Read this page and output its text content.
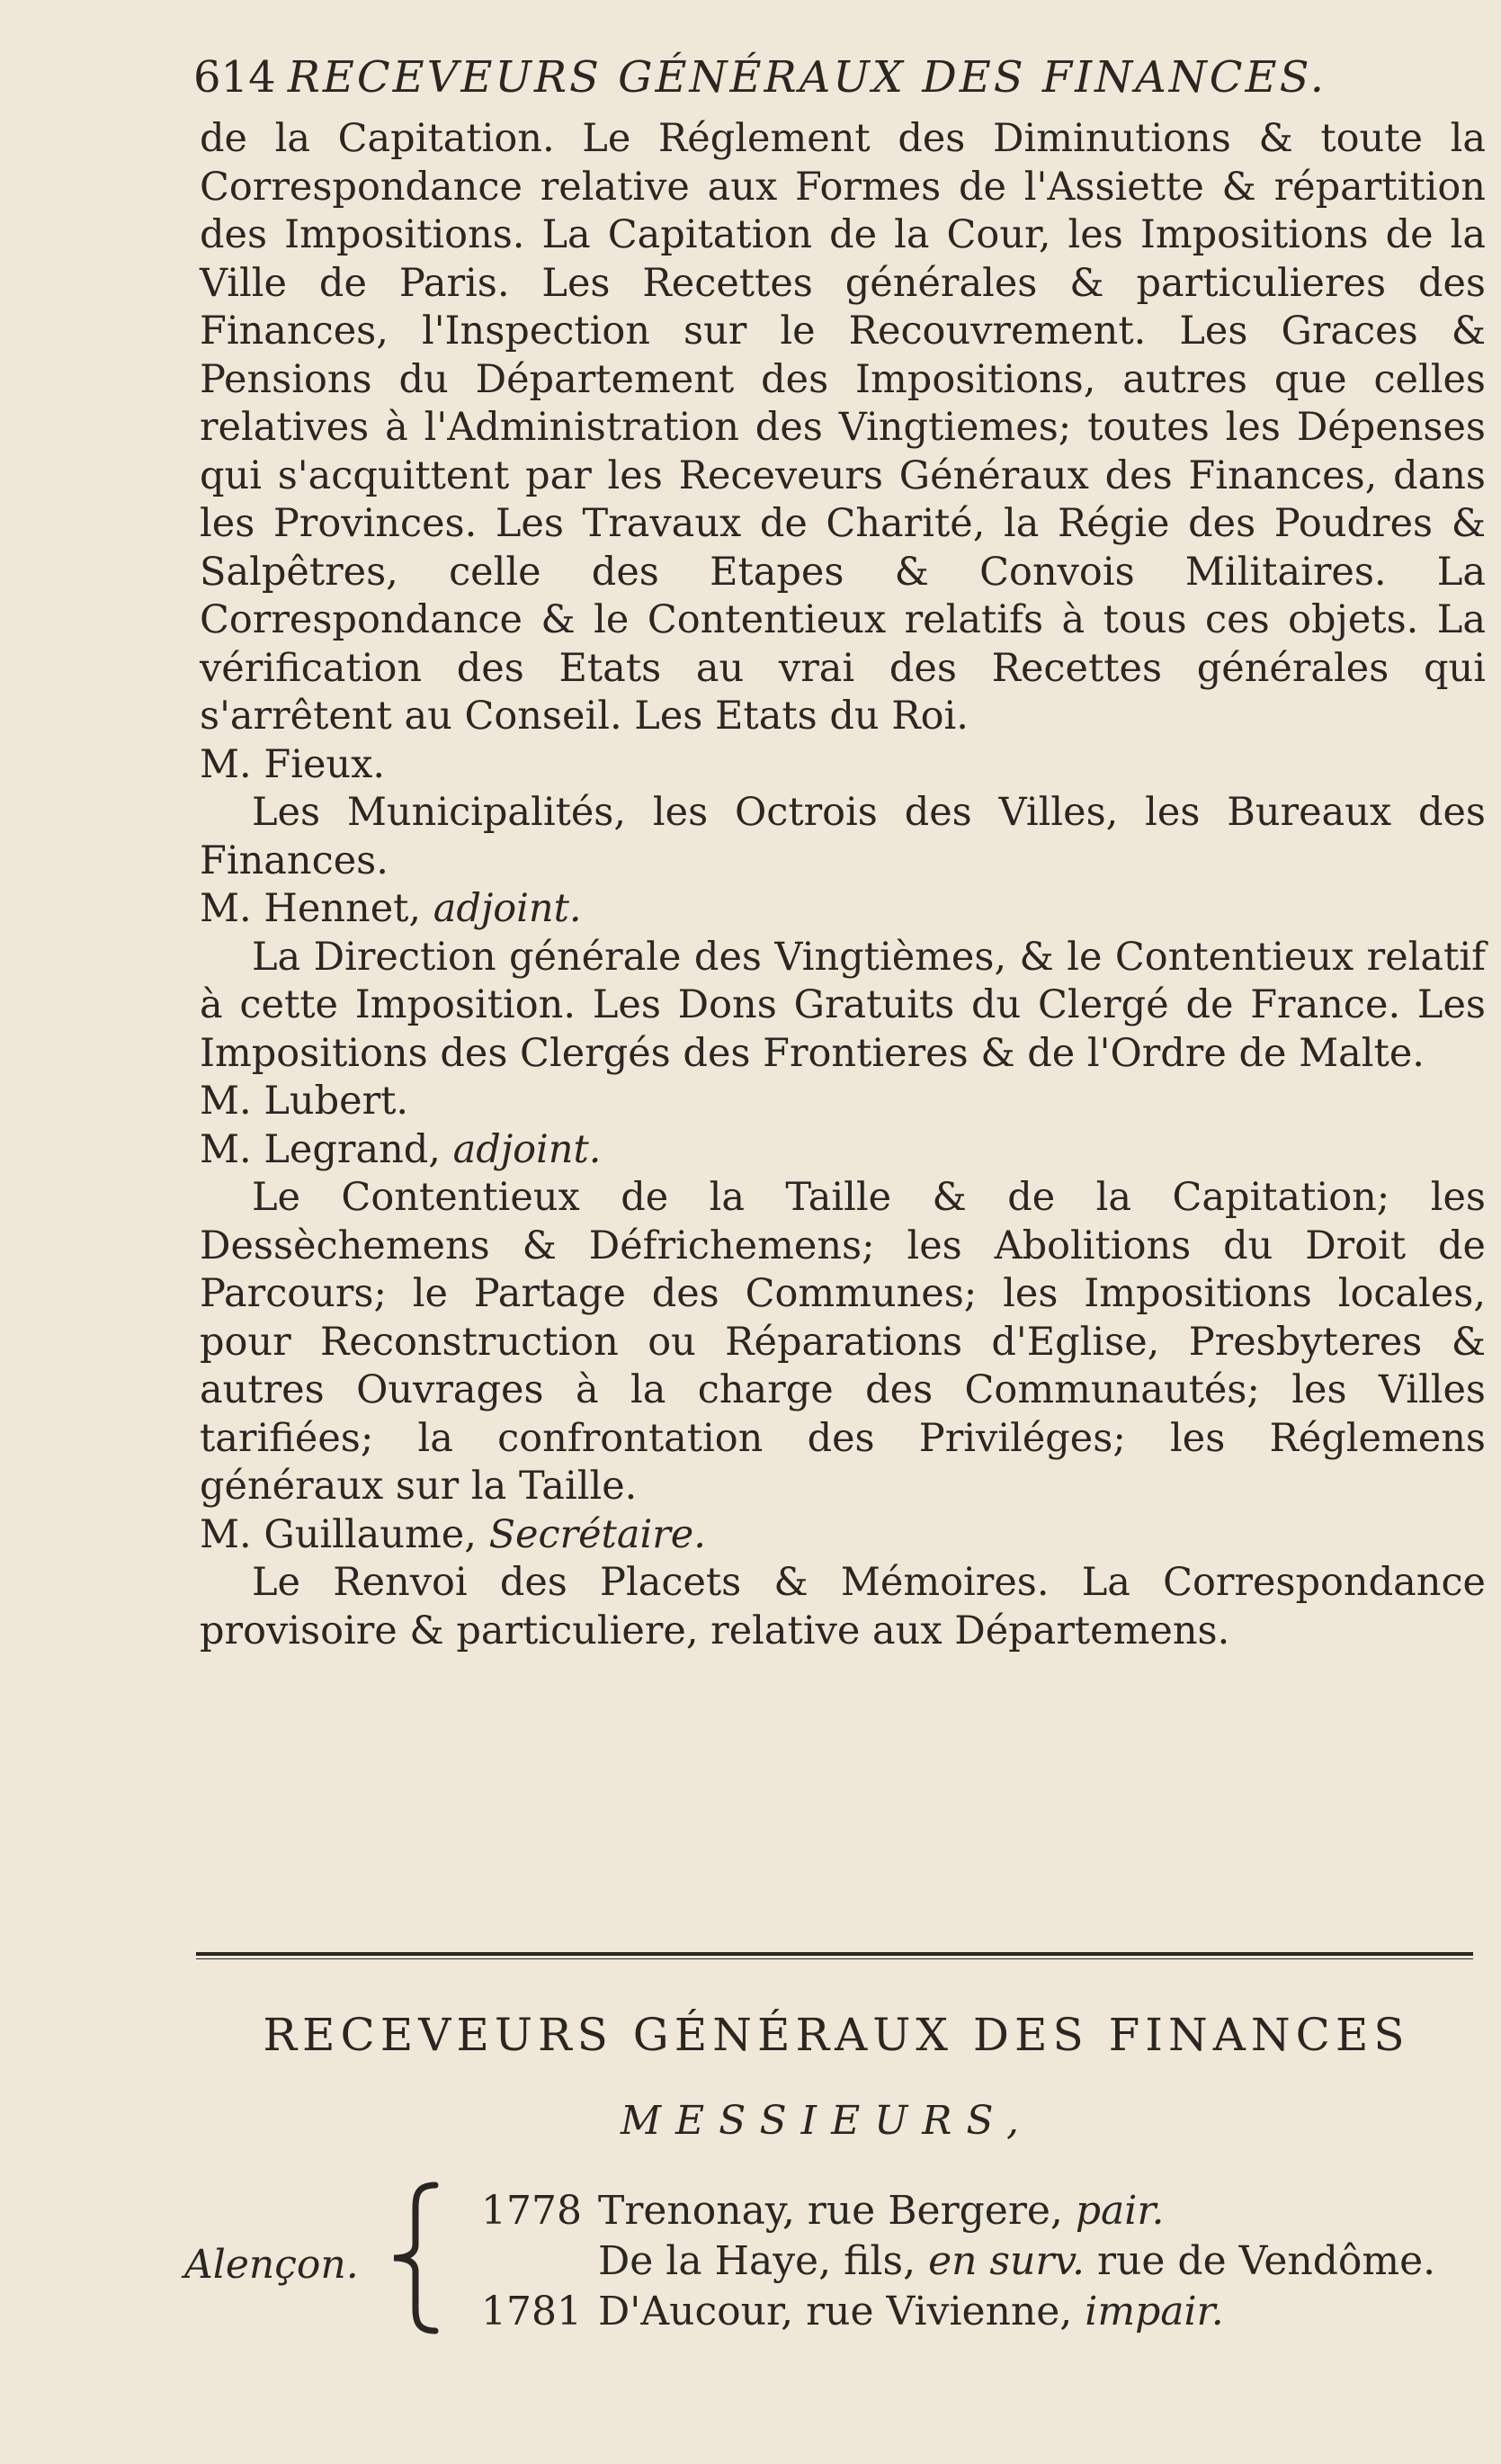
614 RECEVEURS GÉNÉRAUX DES FINANCES.

de la Capitation. Le Réglement des Diminutions & toute la Correspondance relative aux Formes de l'Assiette & répartition des Impositions. La Capitation de la Cour, les Impositions de la Ville de Paris. Les Recettes générales & particulieres des Finances, l'Inspection sur le Recouvrement. Les Graces & Pensions du Département des Impositions, autres que celles relatives à l'Administration des Vingtiemes; toutes les Dépenses qui s'acquittent par les Receveurs Généraux des Finances, dans les Provinces. Les Travaux de Charité, la Régie des Poudres & Salpêtres, celle des Etapes & Convois Militaires. La Correspondance & le Contentieux relatifs à tous ces objets. La vérification des Etats au vrai des Recettes générales qui s'arrêtent au Conseil. Les Etats du Roi.

M. Fieux.

Les Municipalités, les Octrois des Villes, les Bureaux des Finances.

M. Hennet, adjoint.

La Direction générale des Vingtièmes, & le Contentieux relatif à cette Imposition. Les Dons Gratuits du Clergé de France. Les Impositions des Clergés des Frontieres & de l'Ordre de Malte.

M. Lubert.

M. Legrand, adjoint.

Le Contentieux de la Taille & de la Capitation; les Dessèchemens & Défrichemens; les Abolitions du Droit de Parcours; le Partage des Communes; les Impositions locales, pour Reconstruction ou Réparations d'Eglise, Presbyteres & autres Ouvrages à la charge des Communautés; les Villes tarifiées; la confrontation des Priviléges; les Réglemens généraux sur la Taille.

M. Guillaume, Secrétaire.

Le Renvoi des Placets & Mémoires. La Correspondance provisoire & particuliere, relative aux Départemens.

RECEVEURS GÉNÉRAUX DES FINANCES
MESSIEURS,
Alençon.
1778 Trenonay, rue Bergere, pair.
De la Haye, fils, en surv. rue de Vendôme.
1781 D'Aucour, rue Vivienne, impair.
